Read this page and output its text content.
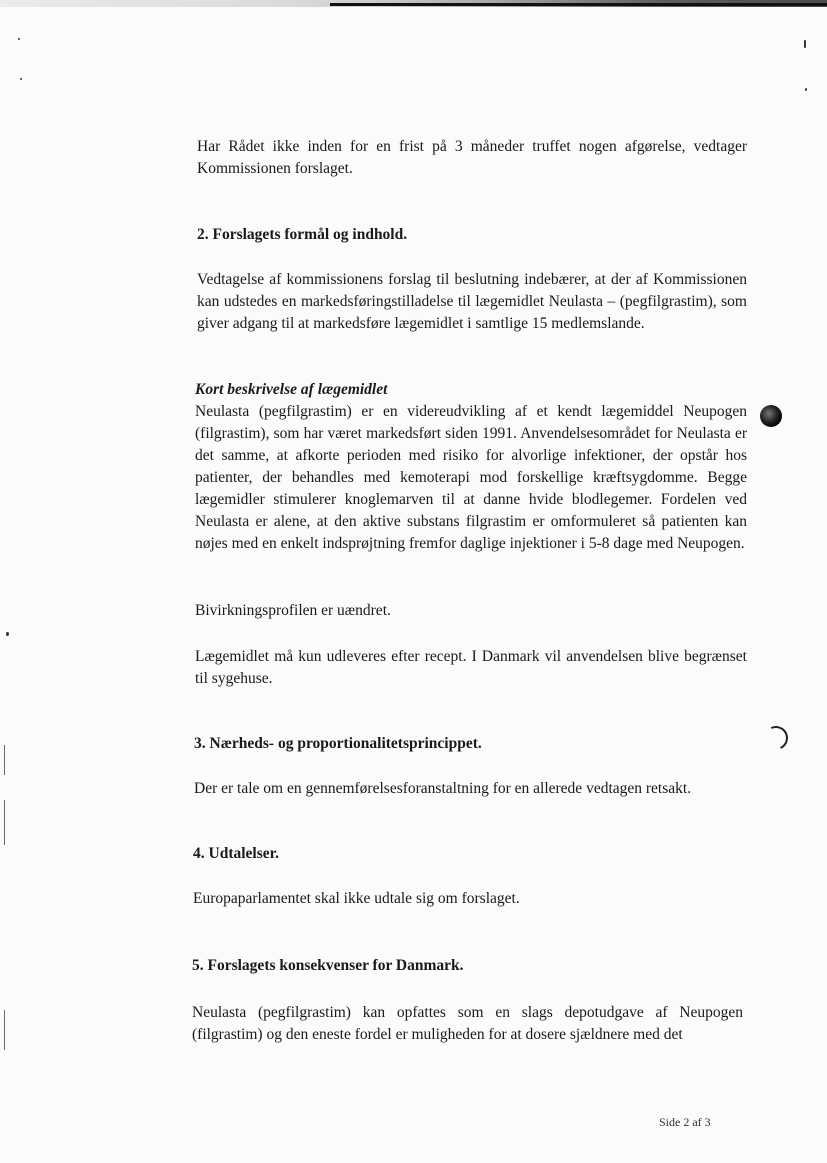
Har Rådet ikke inden for en frist på 3 måneder truffet nogen afgørelse, vedtager Kommissionen forslaget.

2. Forslagets formål og indhold.

Vedtagelse af kommissionens forslag til beslutning indebærer, at der af Kommissionen kan udstedes en markedsføringstilladelse til lægemidlet Neulasta – (pegfilgrastim), som giver adgang til at markedsføre lægemidlet i samtlige 15 medlemslande.

Kort beskrivelse af lægemidlet
Neulasta (pegfilgrastim) er en videreudvikling af et kendt lægemiddel Neupogen (filgrastim), som har været markedsført siden 1991. Anvendelsesområdet for Neulasta er det samme, at afkorte perioden med risiko for alvorlige infektioner, der opstår hos patienter, der behandles med kemoterapi mod forskellige kræftsygdomme. Begge lægemidler stimulerer knoglemarven til at danne hvide blodlegemer. Fordelen ved Neulasta er alene, at den aktive substans filgrastim er omformuleret så patienten kan nøjes med en enkelt indsprøjtning fremfor daglige injektioner i 5-8 dage med Neupogen.

Bivirkningsprofilen er uændret.

Lægemidlet må kun udleveres efter recept. I Danmark vil anvendelsen blive begrænset til sygehuse.

3. Nærheds- og proportionalitetsprincippet.

Der er tale om en gennemførelsesforanstaltning for en allerede vedtagen retsakt.

4. Udtalelser.

Europaparlamentet skal ikke udtale sig om forslaget.

5. Forslagets konsekvenser for Danmark.

Neulasta (pegfilgrastim) kan opfattes som en slags depotudgave af Neupogen (filgrastim) og den eneste fordel er muligheden for at dosere sjældnere med det

Side 2 af 3
